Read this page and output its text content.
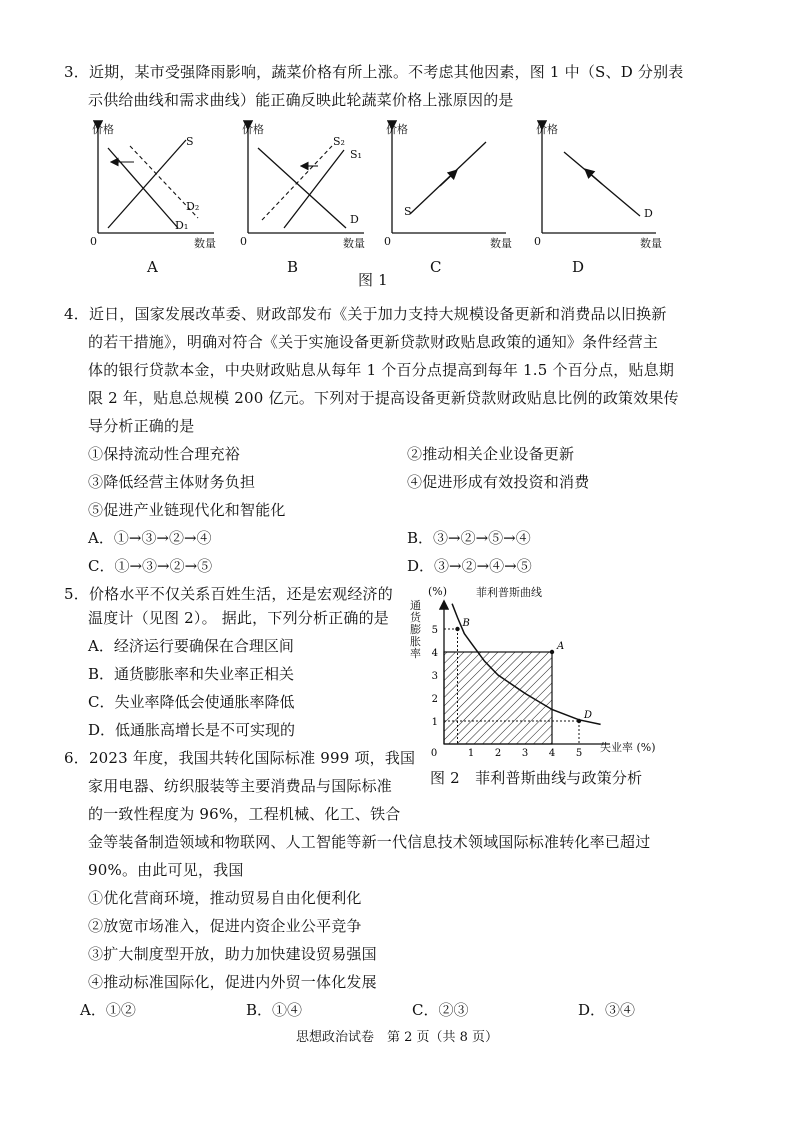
3．近期，某市受强降雨影响，蔬菜价格有所上涨。不考虑其他因素，图 1 中（S、D 分别表
示供给曲线和需求曲线）能正确反映此轮蔬菜价格上涨原因的是
价格
S
D₂
D₁
0	数量
A
价格
S₂
S₁
D
0	数量
B
价格
S
0	数量
C
价格
D
0	数量
D
图 1
4．近日，国家发展改革委、财政部发布《关于加力支持大规模设备更新和消费品以旧换新
的若干措施》，明确对符合《关于实施设备更新贷款财政贴息政策的通知》条件经营主
体的银行贷款本金，中央财政贴息从每年 1 个百分点提高到每年 1.5 个百分点，贴息期
限 2 年，贴息总规模 200 亿元。下列对于提高设备更新贷款财政贴息比例的政策效果传
导分析正确的是
①保持流动性合理充裕	②推动相关企业设备更新
③降低经营主体财务负担	④促进形成有效投资和消费
⑤促进产业链现代化和智能化
A．①→③→②→④	B．③→②→⑤→④
C．①→③→②→⑤	D．③→②→④→⑤
5．价格水平不仅关系百姓生活，还是宏观经济的
温度计（见图 2）。 据此，下列分析正确的是
A．经济运行要确保在合理区间
B．通货膨胀率和失业率正相关
C．失业率降低会使通胀率降低
D．低通胀高增长是不可实现的
0	1 2 3 4 5
1
2
3
4
5
B
A
D
菲利普斯曲线
(%)
通货膨胀率
失业率 (%)
图 2　菲利普斯曲线与政策分析
6．2023 年度，我国共转化国际标准 999 项，我国
家用电器、纺织服装等主要消费品与国际标准
的一致性程度为 96%，工程机械、化工、铁合
金等装备制造领域和物联网、人工智能等新一代信息技术领域国际标准转化率已超过
90%。由此可见，我国
①优化营商环境，推动贸易自由化便利化
②放宽市场准入，促进内资企业公平竞争
③扩大制度型开放，助力加快建设贸易强国
④推动标准国际化，促进内外贸一体化发展
A．①②	B．①④	C．②③	D．③④
思想政治试卷　第 2 页（共 8 页）
